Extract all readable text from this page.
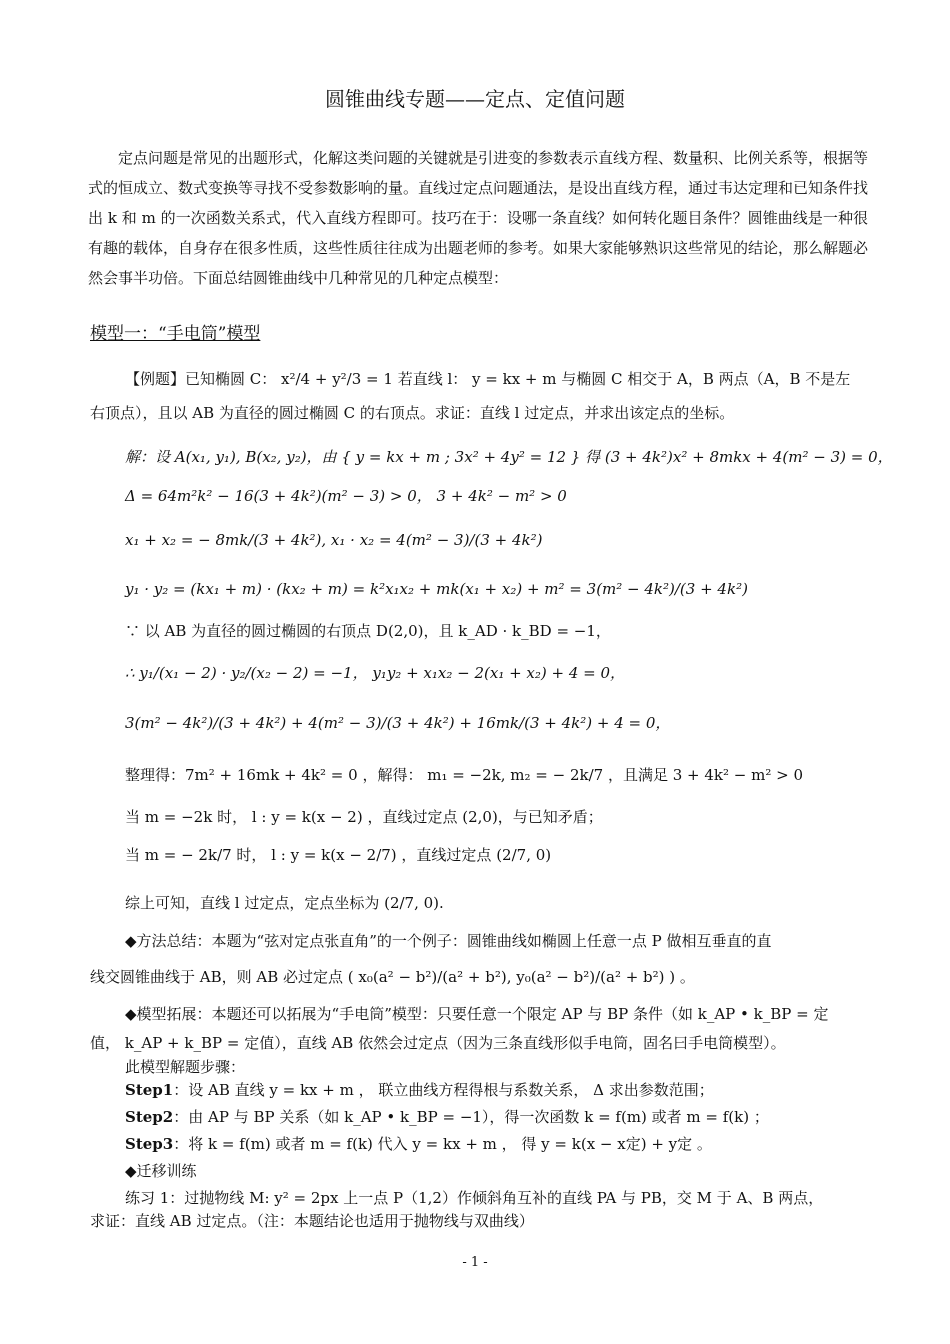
圆锥曲线专题——定点、定值问题
定点问题是常见的出题形式，化解这类问题的关键就是引进变的参数表示直线方程、数量积、比例关系等，根据等式的恒成立、数式变换等寻找不受参数影响的量。直线过定点问题通法，是设出直线方程，通过韦达定理和已知条件找出 k 和 m 的一次函数关系式，代入直线方程即可。技巧在于：设哪一条直线？如何转化题目条件？圆锥曲线是一种很有趣的载体，自身存在很多性质，这些性质往往成为出题老师的参考。如果大家能够熟识这些常见的结论，那么解题必然会事半功倍。下面总结圆锥曲线中几种常见的几种定点模型：
模型一：“手电筒”模型
【例题】已知椭圆 C： x²/4 + y²/3 = 1 若直线 l： y = kx + m 与椭圆 C 相交于 A，B 两点（A，B 不是左
右顶点），且以 AB 为直径的圆过椭圆 C 的右顶点。求证：直线 l 过定点，并求出该定点的坐标。
解：设 A(x₁, y₁), B(x₂, y₂)，由 { y = kx + m ; 3x² + 4y² = 12 } 得 (3 + 4k²)x² + 8mkx + 4(m² − 3) = 0，
Δ = 64m²k² − 16(3 + 4k²)(m² − 3) > 0， 3 + 4k² − m² > 0
x₁ + x₂ = − 8mk/(3 + 4k²), x₁ · x₂ = 4(m² − 3)/(3 + 4k²)
y₁ · y₂ = (kx₁ + m) · (kx₂ + m) = k²x₁x₂ + mk(x₁ + x₂) + m² = 3(m² − 4k²)/(3 + 4k²)
∵ 以 AB 为直径的圆过椭圆的右顶点 D(2,0)，且 k_AD · k_BD = −1，
∴ y₁/(x₁ − 2) · y₂/(x₂ − 2) = −1， y₁y₂ + x₁x₂ − 2(x₁ + x₂) + 4 = 0，
3(m² − 4k²)/(3 + 4k²) + 4(m² − 3)/(3 + 4k²) + 16mk/(3 + 4k²) + 4 = 0，
整理得：7m² + 16mk + 4k² = 0 ，解得： m₁ = −2k, m₂ = − 2k/7 ，且满足 3 + 4k² − m² > 0
当 m = −2k 时， l : y = k(x − 2) ，直线过定点 (2,0)，与已知矛盾；
当 m = − 2k/7 时， l : y = k(x − 2/7) ，直线过定点 (2/7, 0)
综上可知，直线 l 过定点，定点坐标为 (2/7, 0).
◆方法总结：本题为“弦对定点张直角”的一个例子：圆锥曲线如椭圆上任意一点 P 做相互垂直的直
线交圆锥曲线于 AB，则 AB 必过定点 ( x₀(a² − b²)/(a² + b²), y₀(a² − b²)/(a² + b²) ) 。
◆模型拓展：本题还可以拓展为“手电筒”模型：只要任意一个限定 AP 与 BP 条件（如 k_AP • k_BP = 定
值， k_AP + k_BP = 定值），直线 AB 依然会过定点（因为三条直线形似手电筒，固名曰手电筒模型）。
此模型解题步骤：
Step1：设 AB 直线 y = kx + m ， 联立曲线方程得根与系数关系， Δ 求出参数范围；
Step2：由 AP 与 BP 关系（如 k_AP • k_BP = −1），得一次函数 k = f(m) 或者 m = f(k) ；
Step3：将 k = f(m) 或者 m = f(k) 代入 y = kx + m ， 得 y = k(x − x定) + y定 。
◆迁移训练
练习 1：过抛物线 M: y² = 2px 上一点 P（1,2）作倾斜角互补的直线 PA 与 PB，交 M 于 A、B 两点，
求证：直线 AB 过定点。（注：本题结论也适用于抛物线与双曲线）
- 1 -
